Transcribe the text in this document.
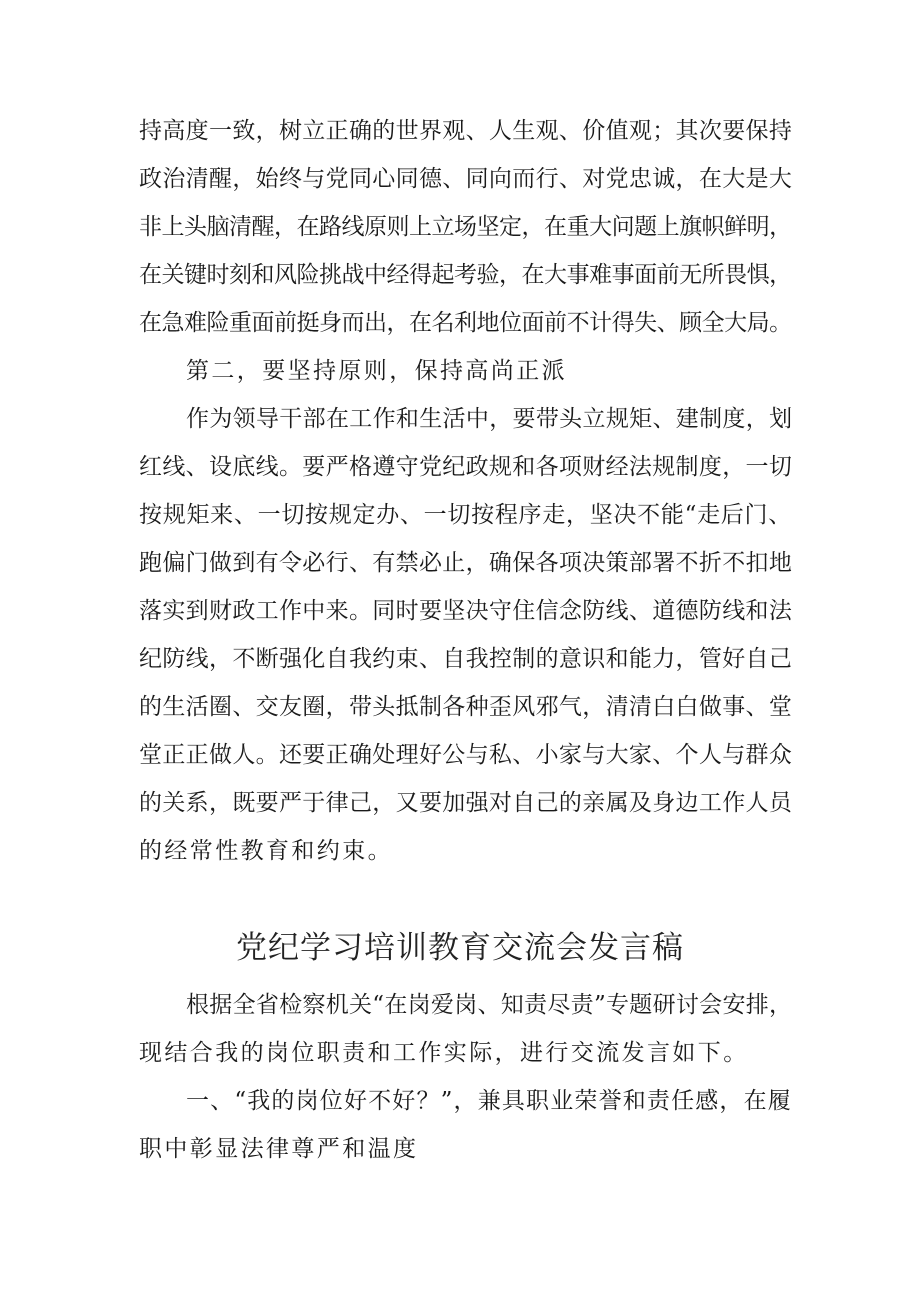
持高度一致，树立正确的世界观、人生观、价值观；其次要保持
政治清醒，始终与党同心同德、同向而行、对党忠诚，在大是大
非上头脑清醒，在路线原则上立场坚定，在重大问题上旗帜鲜明，
在关键时刻和风险挑战中经得起考验，在大事难事面前无所畏惧，
在急难险重面前挺身而出，在名利地位面前不计得失、顾全大局。
第二，要坚持原则，保持高尚正派
作为领导干部在工作和生活中，要带头立规矩、建制度，划
红线、设底线。要严格遵守党纪政规和各项财经法规制度，一切
按规矩来、一切按规定办、一切按程序走，坚决不能“走后门、
跑偏门做到有令必行、有禁必止，确保各项决策部署不折不扣地
落实到财政工作中来。同时要坚决守住信念防线、道德防线和法
纪防线，不断强化自我约束、自我控制的意识和能力，管好自己
的生活圈、交友圈，带头抵制各种歪风邪气，清清白白做事、堂
堂正正做人。还要正确处理好公与私、小家与大家、个人与群众
的关系，既要严于律己，又要加强对自己的亲属及身边工作人员
的经常性教育和约束。
党纪学习培训教育交流会发言稿
根据全省检察机关“在岗爱岗、知责尽责”专题研讨会安排，
现结合我的岗位职责和工作实际，进行交流发言如下。
一、“我的岗位好不好？”，兼具职业荣誉和责任感，在履
职中彰显法律尊严和温度
